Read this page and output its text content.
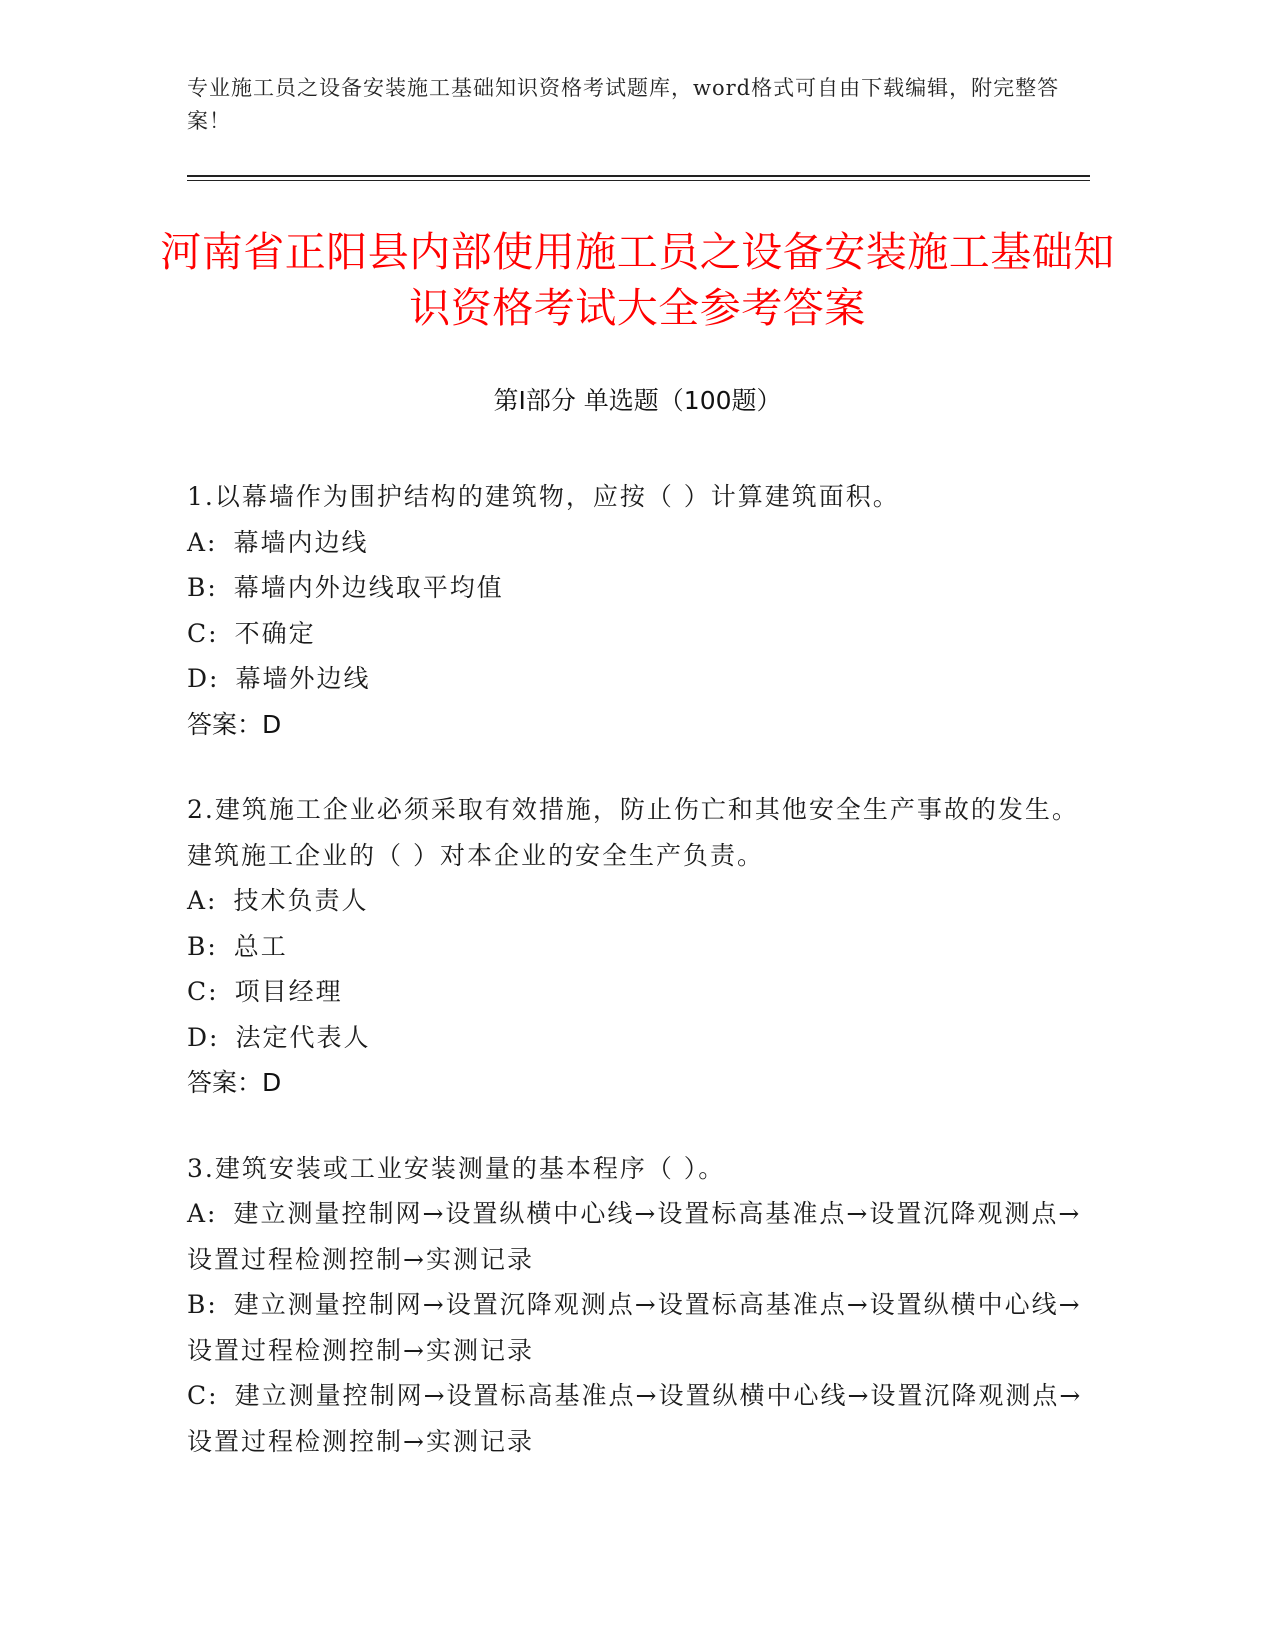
专业施工员之设备安装施工基础知识资格考试题库，word格式可自由下载编辑，附完整答案！
河南省正阳县内部使用施工员之设备安装施工基础知识资格考试大全参考答案
第I部分 单选题（100题）

1.以幕墙作为围护结构的建筑物，应按（ ）计算建筑面积。

A: 幕墙内边线

B: 幕墙内外边线取平均值

C: 不确定

D: 幕墙外边线

答案：D

2.建筑施工企业必须采取有效措施，防止伤亡和其他安全生产事故的发生。建筑施工企业的（ ）对本企业的安全生产负责。

A: 技术负责人

B: 总工

C: 项目经理

D: 法定代表人

答案：D

3.建筑安装或工业安装测量的基本程序（ ）。

A: 建立测量控制网→设置纵横中心线→设置标高基准点→设置沉降观测点→设置过程检测控制→实测记录

B: 建立测量控制网→设置沉降观测点→设置标高基准点→设置纵横中心线→设置过程检测控制→实测记录

C: 建立测量控制网→设置标高基准点→设置纵横中心线→设置沉降观测点→设置过程检测控制→实测记录
